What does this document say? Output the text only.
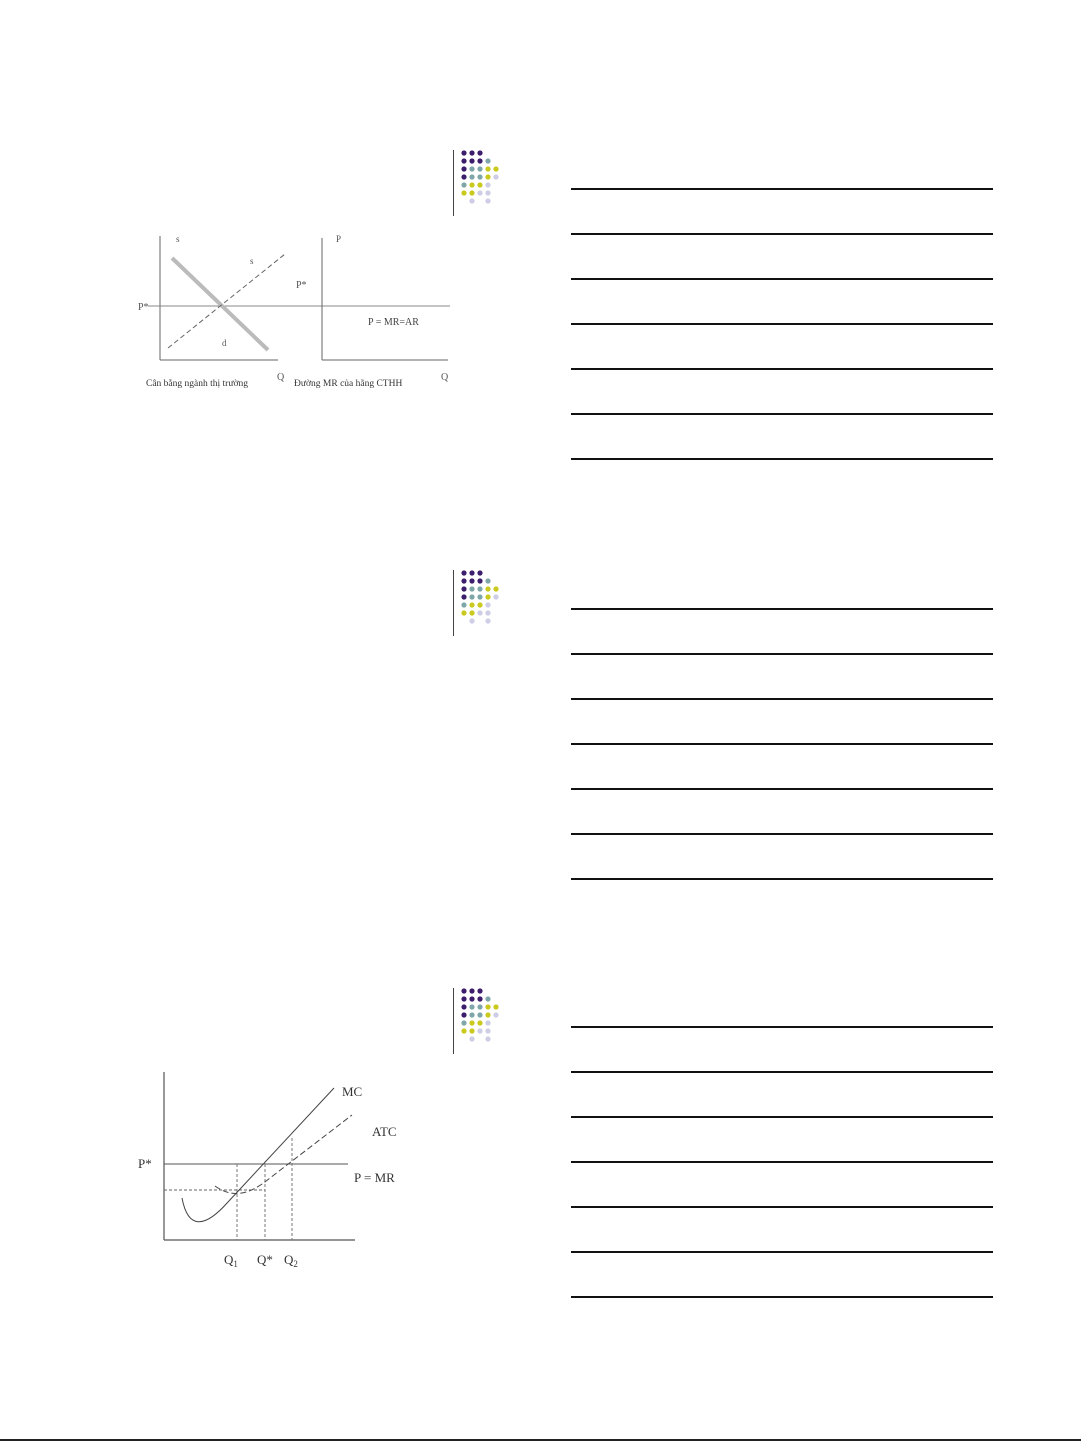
P*
s
s
d
Q
Cân bằng ngành thị trường
P
P*
P = MR=AR
Q
Đường MR của hãng CTHH
P*
MC
ATC
P = MR
$Q_1$ Q* $Q_2$
